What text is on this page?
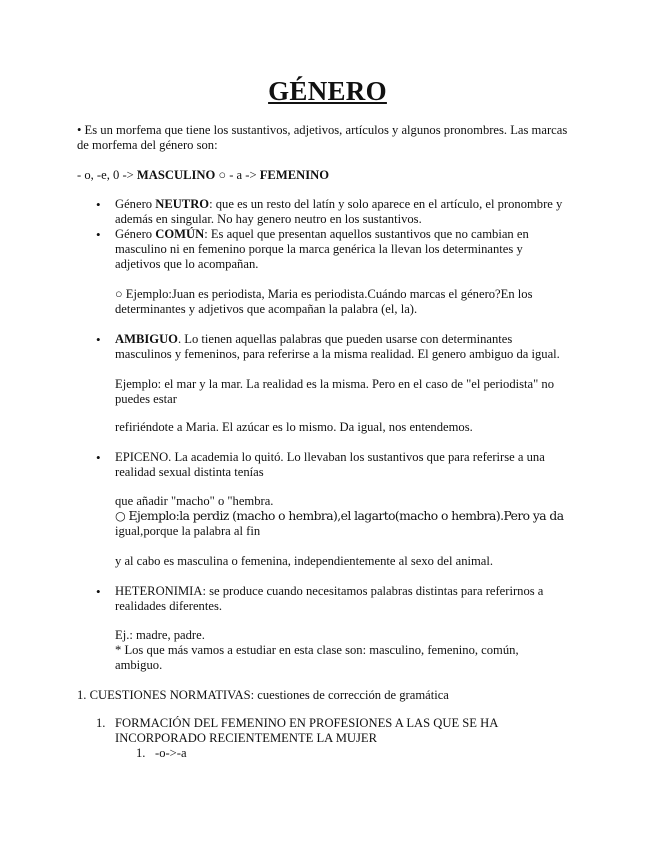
GÉNERO
• Es un morfema que tiene los sustantivos, adjetivos, artículos y algunos pronombres. Las marcas
de morfema del género son:
- o, -e, 0 -> MASCULINO ○ - a -> FEMENINO
• Género NEUTRO: que es un resto del latín y solo aparece en el artículo, el pronombre y
además en singular. No hay genero neutro en los sustantivos.
• Género COMÚN: Es aquel que presentan aquellos sustantivos que no cambian en
masculino ni en femenino porque la marca genérica la llevan los determinantes y
adjetivos que lo acompañan.
○ Ejemplo:Juan es periodista, Maria es periodista.Cuándo marcas el género?En los
determinantes y adjetivos que acompañan la palabra (el, la).
• AMBIGUO. Lo tienen aquellas palabras que pueden usarse con determinantes
masculinos y femeninos, para referirse a la misma realidad. El genero ambiguo da igual.
Ejemplo: el mar y la mar. La realidad es la misma. Pero en el caso de "el periodista" no
puedes estar
refiriéndote a Maria. El azúcar es lo mismo. Da igual, nos entendemos.
• EPICENO. La academia lo quitó. Lo llevaban los sustantivos que para referirse a una
realidad sexual distinta tenías
que añadir "macho" o "hembra.
○ Ejemplo:la perdiz (macho o hembra),el lagarto(macho o hembra).Pero ya da
igual,porque la palabra al fin
y al cabo es masculina o femenina, independientemente al sexo del animal.
• HETERONIMIA: se produce cuando necesitamos palabras distintas para referirnos a
realidades diferentes.
Ej.: madre, padre.
* Los que más vamos a estudiar en esta clase son: masculino, femenino, común,
ambiguo.
1. CUESTIONES NORMATIVAS: cuestiones de corrección de gramática
1. FORMACIÓN DEL FEMENINO EN PROFESIONES A LAS QUE SE HA
INCORPORADO RECIENTEMENTE LA MUJER
1. -o->-a
